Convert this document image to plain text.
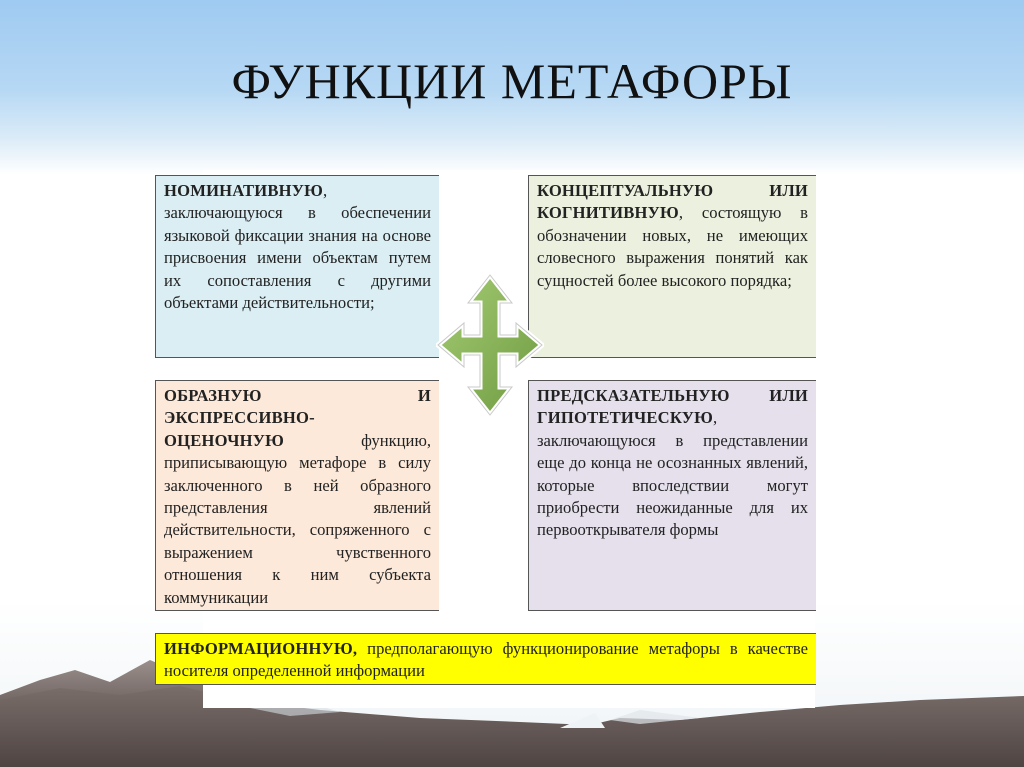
ФУНКЦИИ МЕТАФОРЫ
НОМИНАТИВНУЮ, заключающуюся в обеспечении языковой фиксации знания на основе присвоения имени объектам путем их сопоставления с другими объектами действительности;
КОНЦЕПТУАЛЬНУЮ ИЛИ КОГНИТИВНУЮ, состоящую в обозначении новых, не имеющих словесного выражения понятий как сущностей более высокого порядка;
ОБРАЗНУЮ И ЭКСПРЕССИВНО-ОЦЕНОЧНУЮ функцию, приписывающую метафоре в силу заключенного в ней образного представления явлений действительности, сопряженного с выражением чувственного отношения к ним субъекта коммуникации
ПРЕДСКАЗАТЕЛЬНУЮ ИЛИ ГИПОТЕТИЧЕСКУЮ, заключающуюся в представлении еще до конца не осознанных явлений, которые впоследствии могут приобрести неожиданные для их первооткрывателя формы
ИНФОРМАЦИОННУЮ, предполагающую функционирование метафоры в качестве носителя определенной информации
